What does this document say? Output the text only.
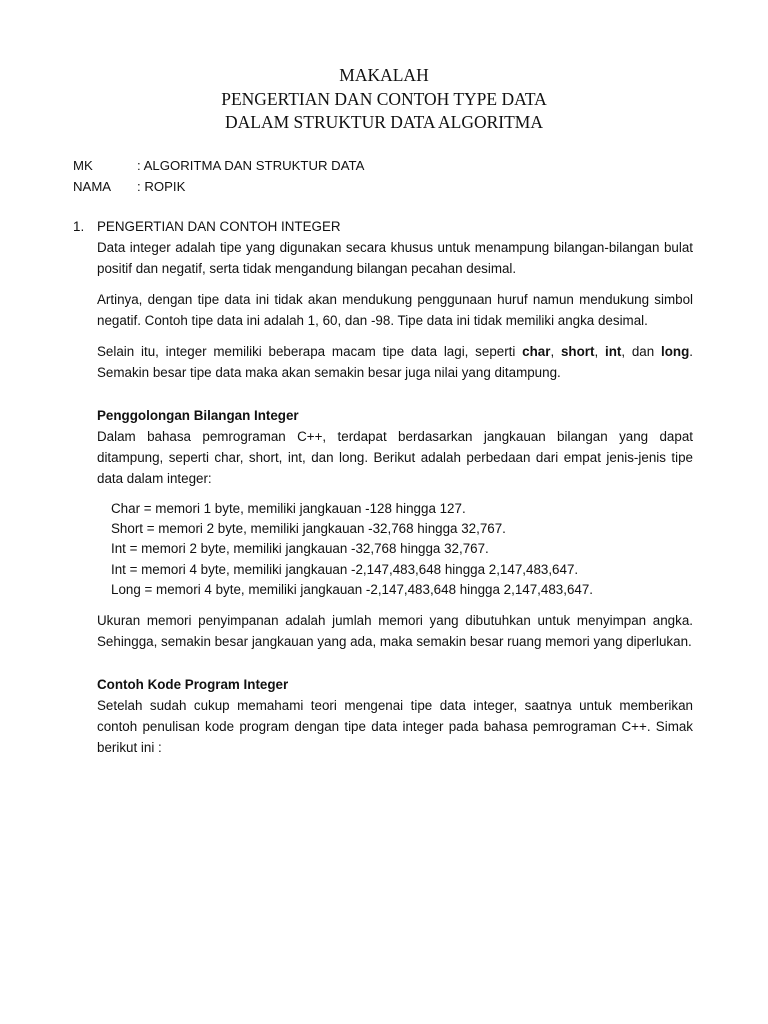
MAKALAH
PENGERTIAN DAN CONTOH TYPE DATA
DALAM STRUKTUR DATA ALGORITMA
MK	: ALGORITMA DAN STRUKTUR DATA
NAMA	: ROPIK
1. PENGERTIAN DAN CONTOH INTEGER

Data integer adalah tipe yang digunakan secara khusus untuk menampung bilangan-bilangan bulat positif dan negatif, serta tidak mengandung bilangan pecahan desimal.

Artinya, dengan tipe data ini tidak akan mendukung penggunaan huruf namun mendukung simbol negatif. Contoh tipe data ini adalah 1, 60, dan -98. Tipe data ini tidak memiliki angka desimal.

Selain itu, integer memiliki beberapa macam tipe data lagi, seperti char, short, int, dan long. Semakin besar tipe data maka akan semakin besar juga nilai yang ditampung.

Penggolongan Bilangan Integer

Dalam bahasa pemrograman C++, terdapat berdasarkan jangkauan bilangan yang dapat ditampung, seperti char, short, int, dan long. Berikut adalah perbedaan dari empat jenis-jenis tipe data dalam integer:

Char = memori 1 byte, memiliki jangkauan -128 hingga 127.
Short = memori 2 byte, memiliki jangkauan -32,768 hingga 32,767.
Int = memori 2 byte, memiliki jangkauan -32,768 hingga 32,767.
Int = memori 4 byte, memiliki jangkauan -2,147,483,648 hingga 2,147,483,647.
Long = memori 4 byte, memiliki jangkauan -2,147,483,648 hingga 2,147,483,647.

Ukuran memori penyimpanan adalah jumlah memori yang dibutuhkan untuk menyimpan angka. Sehingga, semakin besar jangkauan yang ada, maka semakin besar ruang memori yang diperlukan.

Contoh Kode Program Integer

Setelah sudah cukup memahami teori mengenai tipe data integer, saatnya untuk memberikan contoh penulisan kode program dengan tipe data integer pada bahasa pemrograman C++. Simak berikut ini :
